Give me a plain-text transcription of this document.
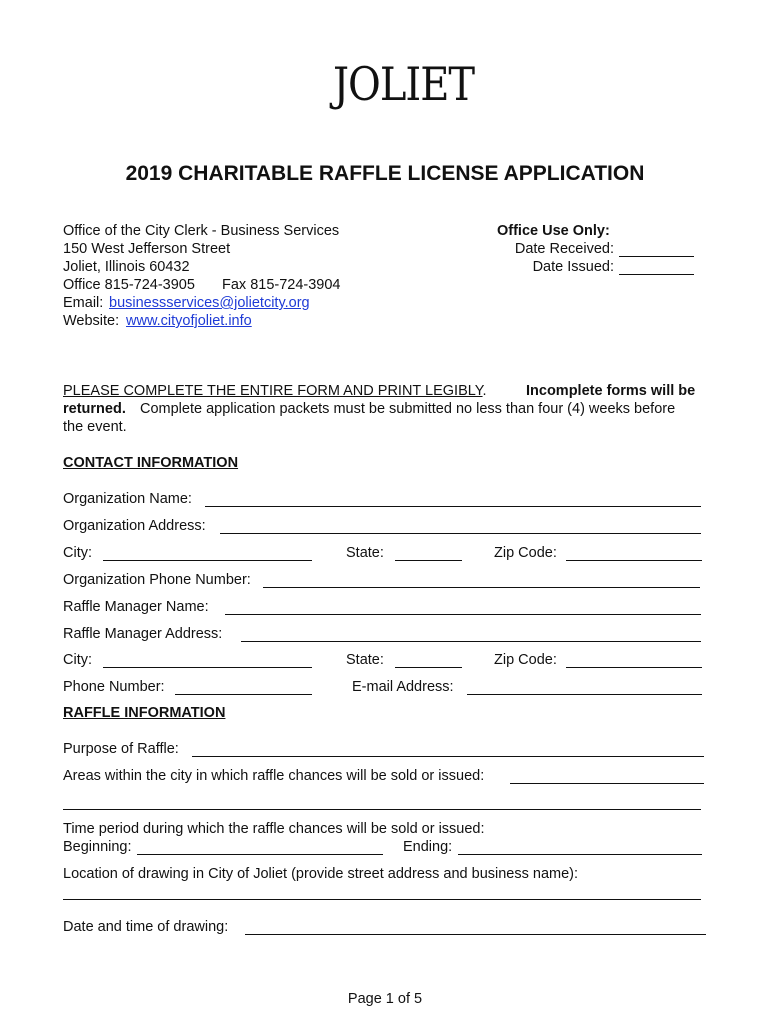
JOLIET
2019 CHARITABLE RAFFLE LICENSE APPLICATION
Office of the City Clerk - Business Services
150 West Jefferson Street
Joliet, Illinois 60432
Office 815-724-3905 Fax 815-724-3904
Email: businessservices@jolietcity.org
Website: www.cityofjoliet.info
Office Use Only:
Date Received:
Date Issued:
PLEASE COMPLETE THE ENTIRE FORM AND PRINT LEGIBLY.	Incomplete forms will be
returned. Complete application packets must be submitted no less than four (4) weeks before
the event.
CONTACT INFORMATION
Organization Name:
Organization Address:
City:	State:	Zip Code:
Organization Phone Number:
Raffle Manager Name:
Raffle Manager Address:
City:	State:	Zip Code:
Phone Number:	E-mail Address:
RAFFLE INFORMATION
Purpose of Raffle:
Areas within the city in which raffle chances will be sold or issued:
Time period during which the raffle chances will be sold or issued:
Beginning:	Ending:
Location of drawing in City of Joliet (provide street address and business name):
Date and time of drawing:
Page 1 of 5
